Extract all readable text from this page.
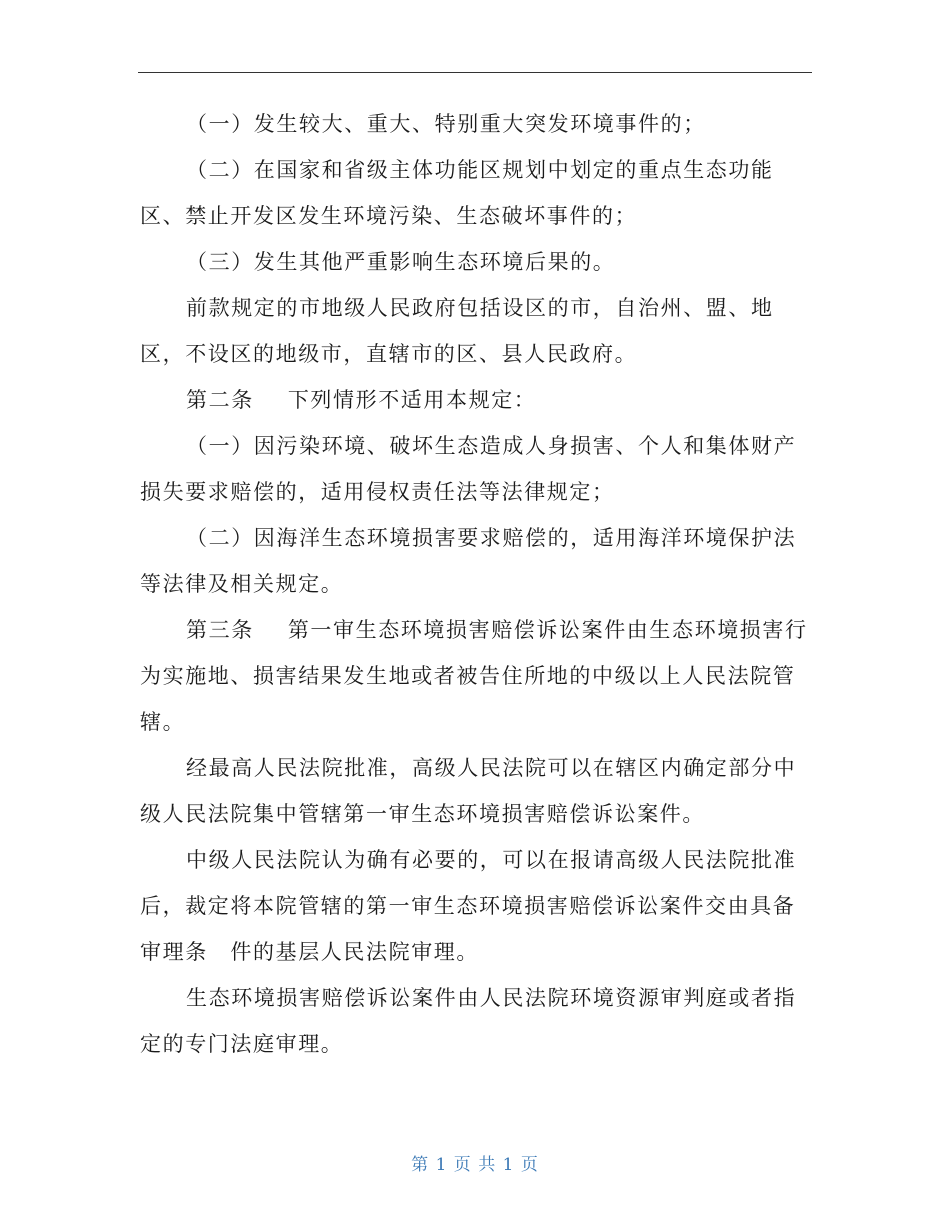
（一）发生较大、重大、特别重大突发环境事件的；

（二）在国家和省级主体功能区规划中划定的重点生态功能区、禁止开发区发生环境污染、生态破坏事件的；

（三）发生其他严重影响生态环境后果的。

前款规定的市地级人民政府包括设区的市，自治州、盟、地区，不设区的地级市，直辖市的区、县人民政府。

第二条 下列情形不适用本规定：

（一）因污染环境、破坏生态造成人身损害、个人和集体财产损失要求赔偿的，适用侵权责任法等法律规定；

（二）因海洋生态环境损害要求赔偿的，适用海洋环境保护法等法律及相关规定。

第三条 第一审生态环境损害赔偿诉讼案件由生态环境损害行为实施地、损害结果发生地或者被告住所地的中级以上人民法院管辖。

经最高人民法院批准，高级人民法院可以在辖区内确定部分中级人民法院集中管辖第一审生态环境损害赔偿诉讼案件。

中级人民法院认为确有必要的，可以在报请高级人民法院批准后，裁定将本院管辖的第一审生态环境损害赔偿诉讼案件交由具备审理条　件的基层人民法院审理。

生态环境损害赔偿诉讼案件由人民法院环境资源审判庭或者指定的专门法庭审理。

第 1 页 共 1 页
